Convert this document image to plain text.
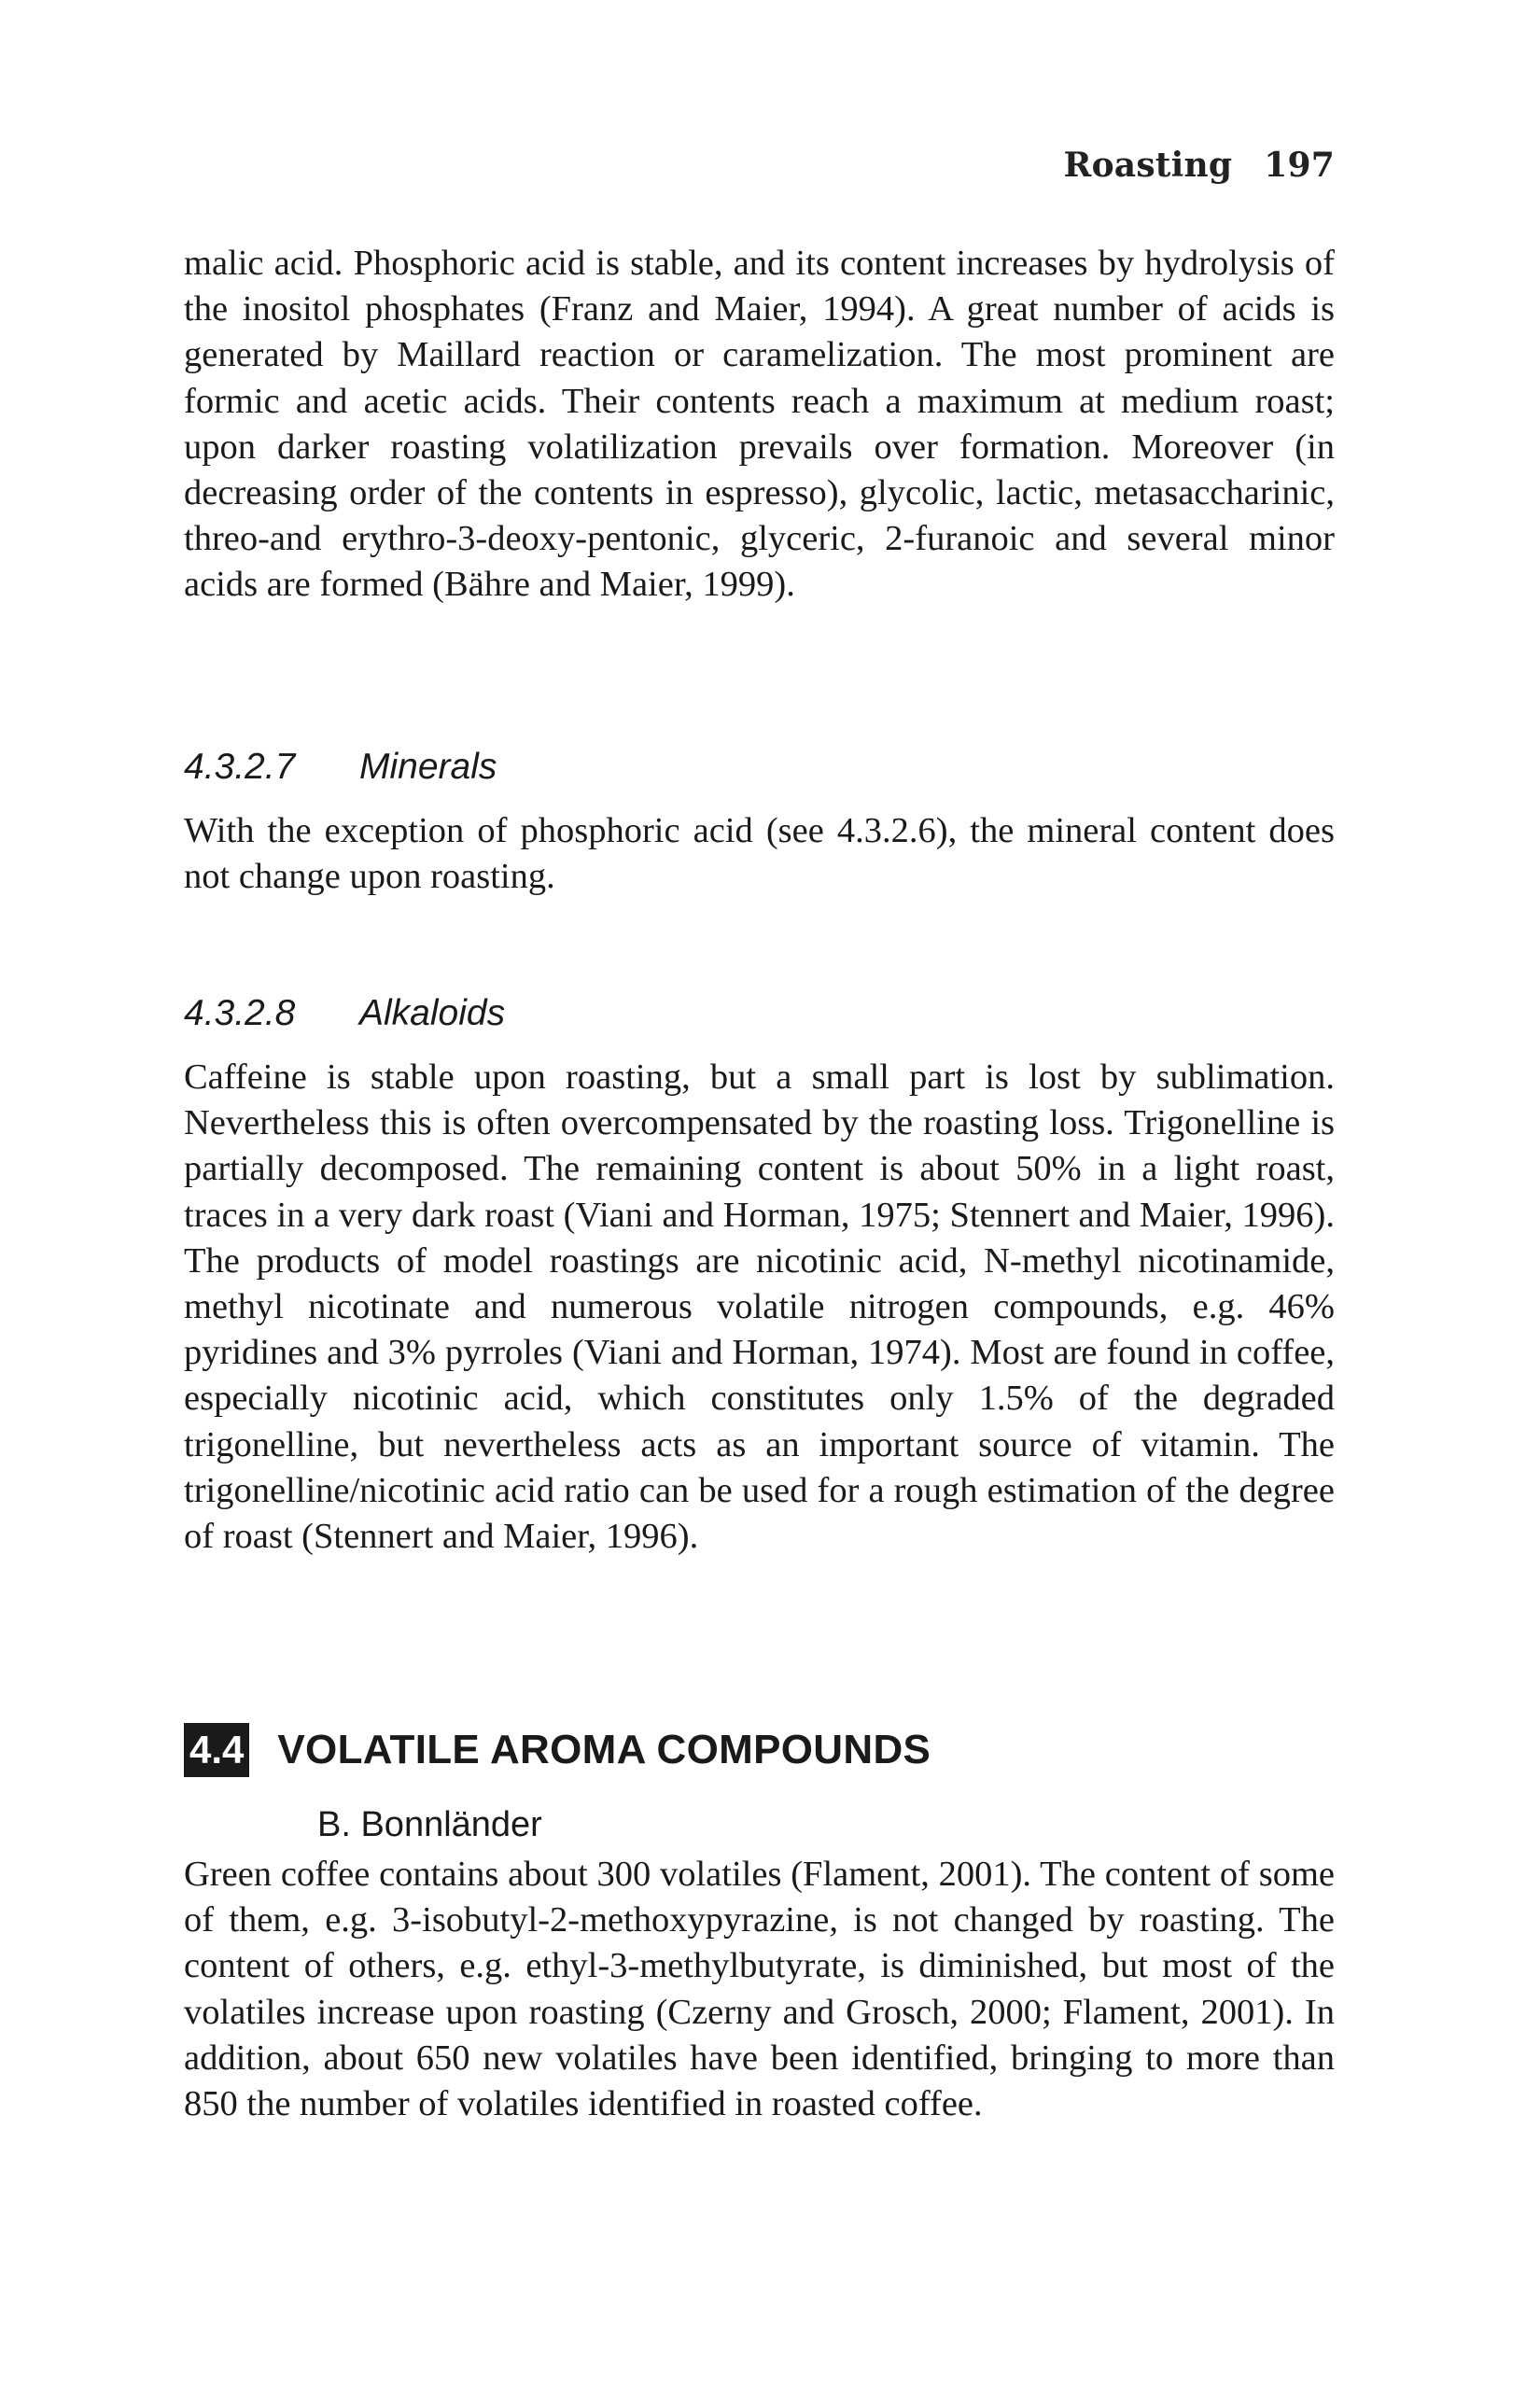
Roasting 197

malic acid. Phosphoric acid is stable, and its content increases by hydrolysis of the inositol phosphates (Franz and Maier, 1994). A great number of acids is generated by Maillard reaction or caramelization. The most prominent are formic and acetic acids. Their contents reach a maximum at medium roast; upon darker roasting volatilization prevails over formation. Moreover (in decreasing order of the contents in espresso), glycolic, lactic, metasaccharinic, threo-and erythro-3-deoxy-pentonic, glyceric, 2-furanoic and several minor acids are formed (Bähre and Maier, 1999).

4.3.2.7 Minerals

With the exception of phosphoric acid (see 4.3.2.6), the mineral content does not change upon roasting.

4.3.2.8 Alkaloids

Caffeine is stable upon roasting, but a small part is lost by sublimation. Nevertheless this is often overcompensated by the roasting loss. Trigonelline is partially decomposed. The remaining content is about 50% in a light roast, traces in a very dark roast (Viani and Horman, 1975; Stennert and Maier, 1996). The products of model roastings are nicotinic acid, N-methyl nicotinamide, methyl nicotinate and numerous volatile nitrogen compounds, e.g. 46% pyridines and 3% pyrroles (Viani and Horman, 1974). Most are found in coffee, especially nicotinic acid, which constitutes only 1.5% of the degraded trigonelline, but nevertheless acts as an important source of vitamin. The trigonelline/nicotinic acid ratio can be used for a rough estimation of the degree of roast (Stennert and Maier, 1996).

4.4 VOLATILE AROMA COMPOUNDS
B. Bonnländer

Green coffee contains about 300 volatiles (Flament, 2001). The content of some of them, e.g. 3-isobutyl-2-methoxypyrazine, is not changed by roasting. The content of others, e.g. ethyl-3-methylbutyrate, is diminished, but most of the volatiles increase upon roasting (Czerny and Grosch, 2000; Flament, 2001). In addition, about 650 new volatiles have been identified, bringing to more than 850 the number of volatiles identified in roasted coffee.
